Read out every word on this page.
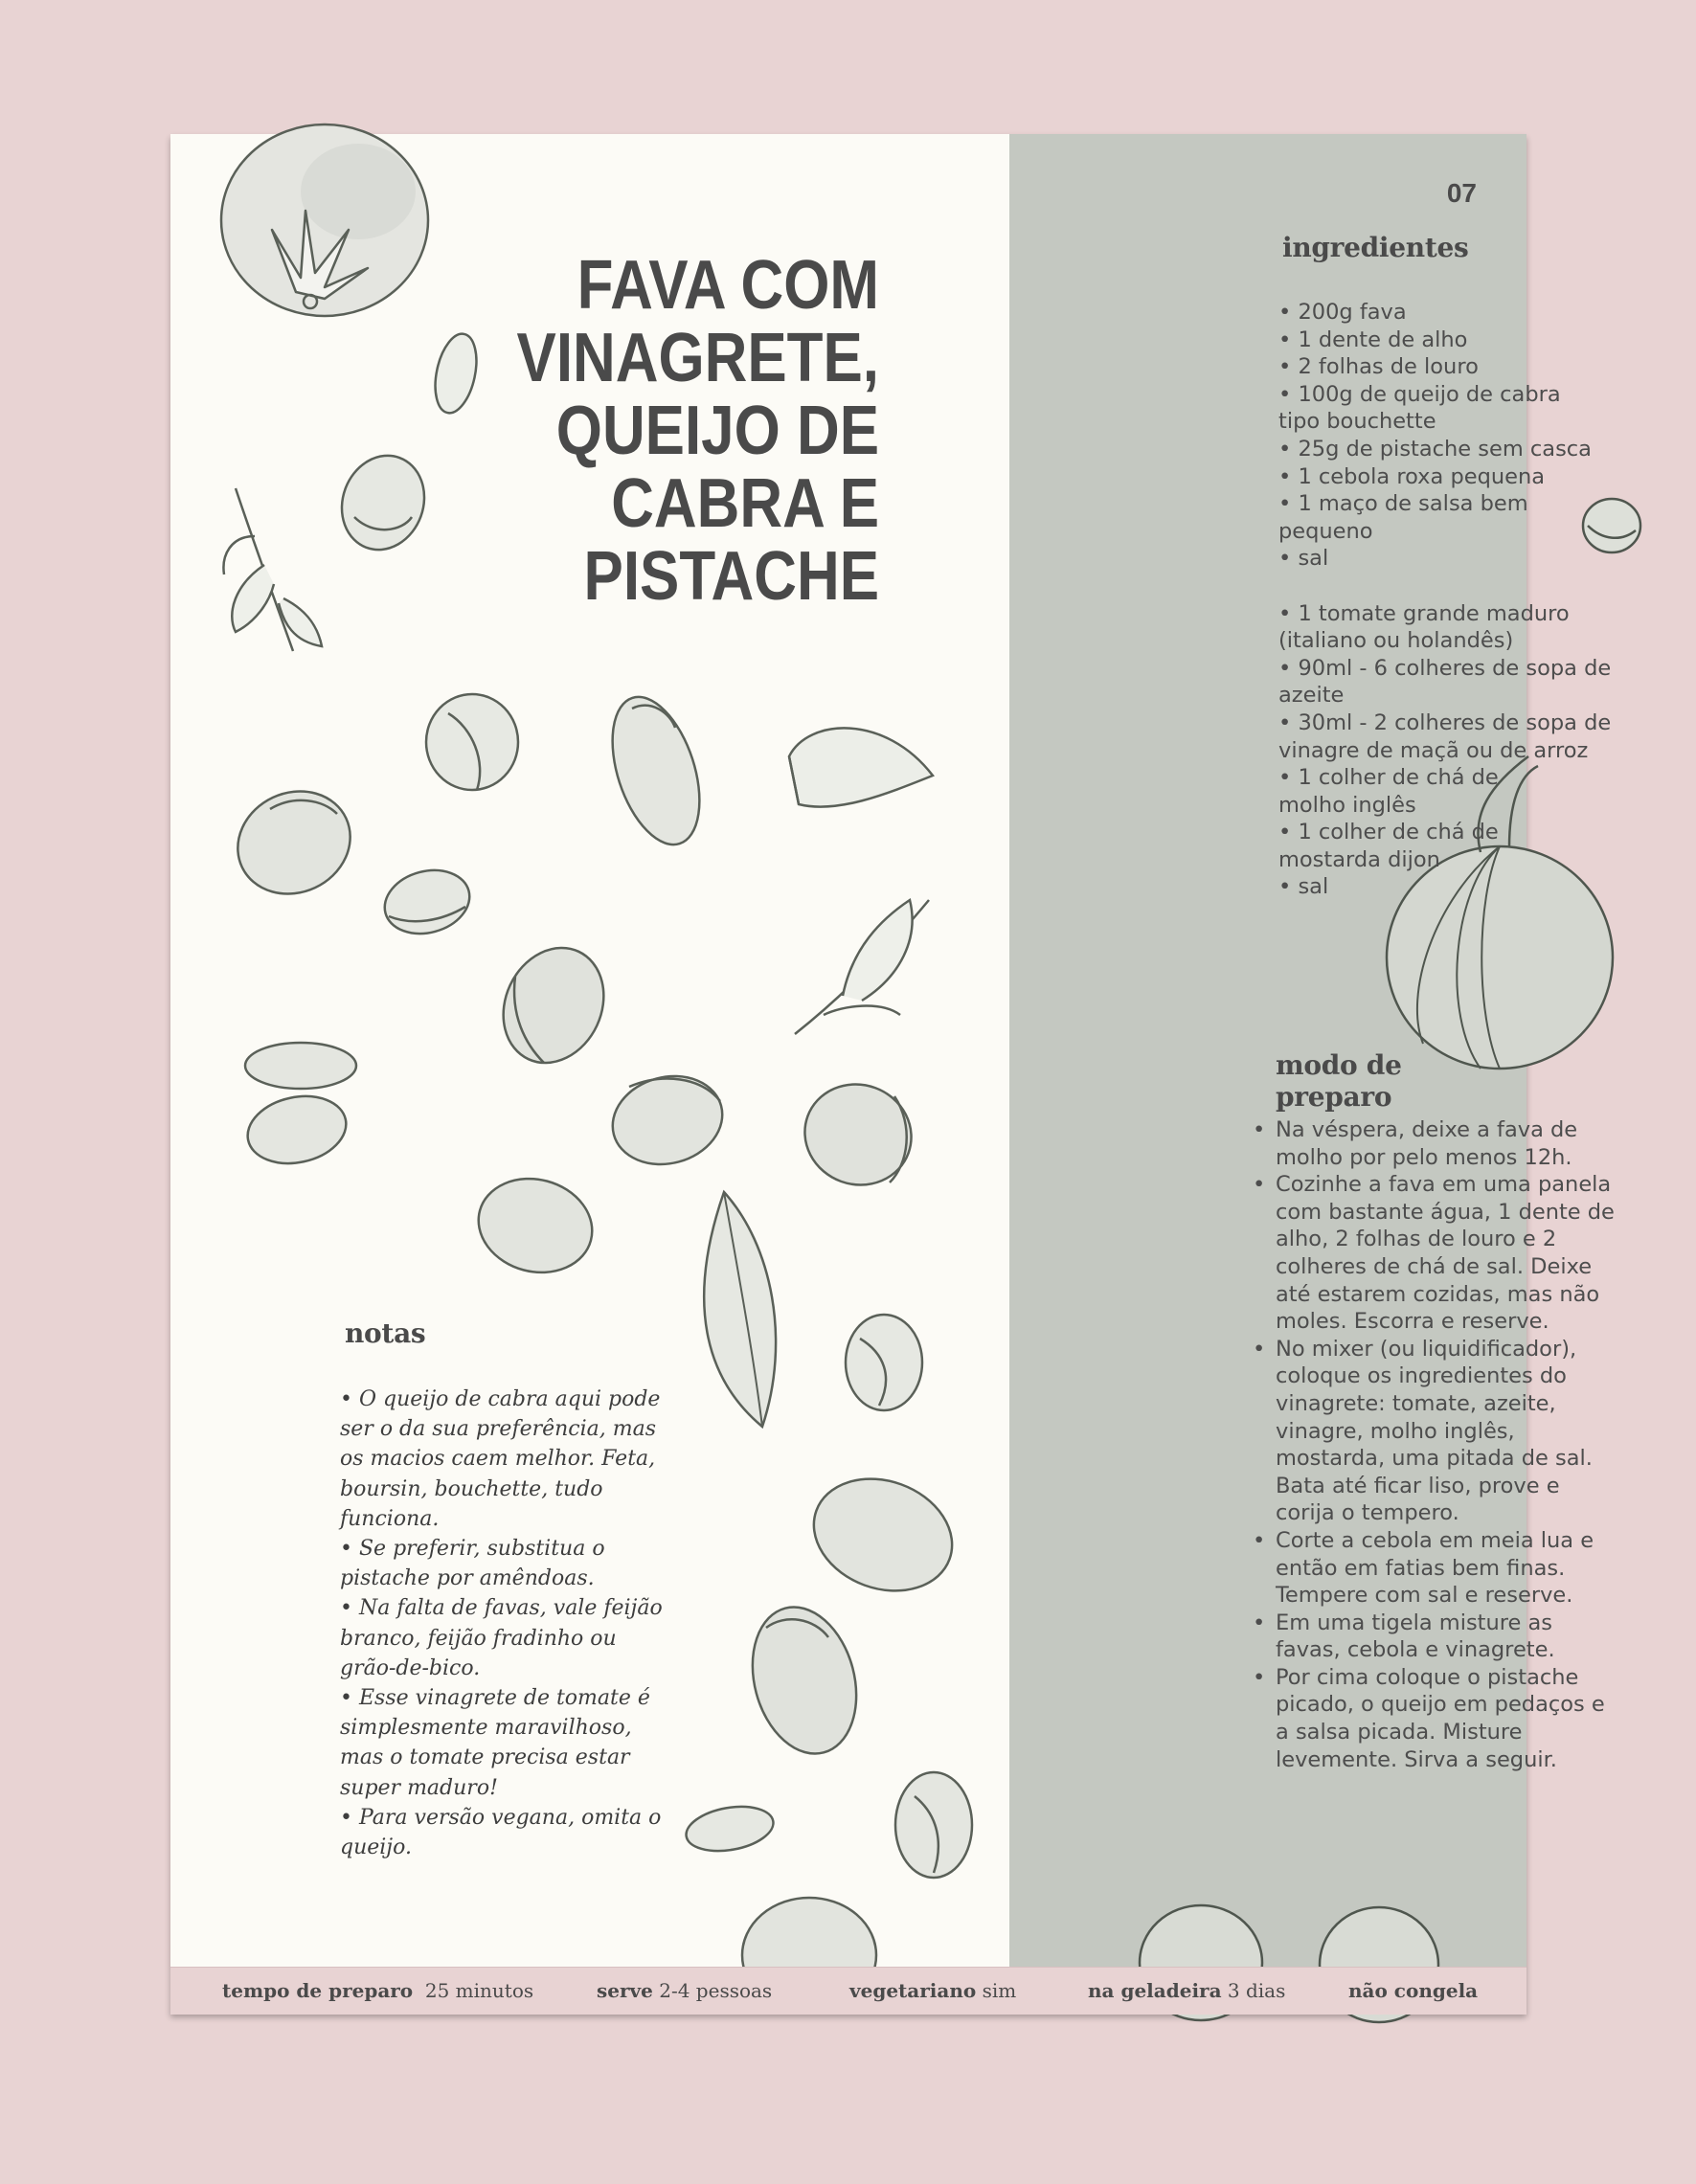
FAVA COM
VINAGRETE,
QUEIJO DE
CABRA E
PISTACHE
notas
• O queijo de cabra aqui pode ser o da sua preferência, mas os macios caem melhor. Feta, boursin, bouchette, tudo funciona.
• Se preferir, substitua o pistache por amêndoas.
• Na falta de favas, vale feijão branco, feijão fradinho ou grão-de-bico.
• Esse vinagrete de tomate é simplesmente maravilhoso, mas o tomate precisa estar super maduro!
• Para versão vegana, omita o queijo.
07
ingredientes
• 200g fava
• 1 dente de alho
• 2 folhas de louro
• 100g de queijo de cabra tipo bouchette
• 25g de pistache sem casca
• 1 cebola roxa pequena
• 1 maço de salsa bem pequeno
• sal
• 1 tomate grande maduro (italiano ou holandês)
• 90ml - 6 colheres de sopa de azeite
• 30ml - 2 colheres de sopa de vinagre de maçã ou de arroz
• 1 colher de chá de molho inglês
• 1 colher de chá de mostarda dijon
• sal
modo de preparo
• Na véspera, deixe a fava de molho por pelo menos 12h.
• Cozinhe a fava em uma panela com bastante água, 1 dente de alho, 2 folhas de louro e 2 colheres de chá de sal. Deixe até estarem cozidas, mas não moles. Escorra e reserve.
• No mixer (ou liquidificador), coloque os ingredientes do vinagrete: tomate, azeite, vinagre, molho inglês, mostarda, uma pitada de sal. Bata até ficar liso, prove e corija o tempero.
• Corte a cebola em meia lua e então em fatias bem finas. Tempere com sal e reserve.
• Em uma tigela misture as favas, cebola e vinagrete.
• Por cima coloque o pistache picado, o queijo em pedaços e a salsa picada. Misture levemente. Sirva a seguir.
tempo de preparo 25 minutos	serve 2-4 pessoas	vegetariano sim	na geladeira 3 dias	não congela
